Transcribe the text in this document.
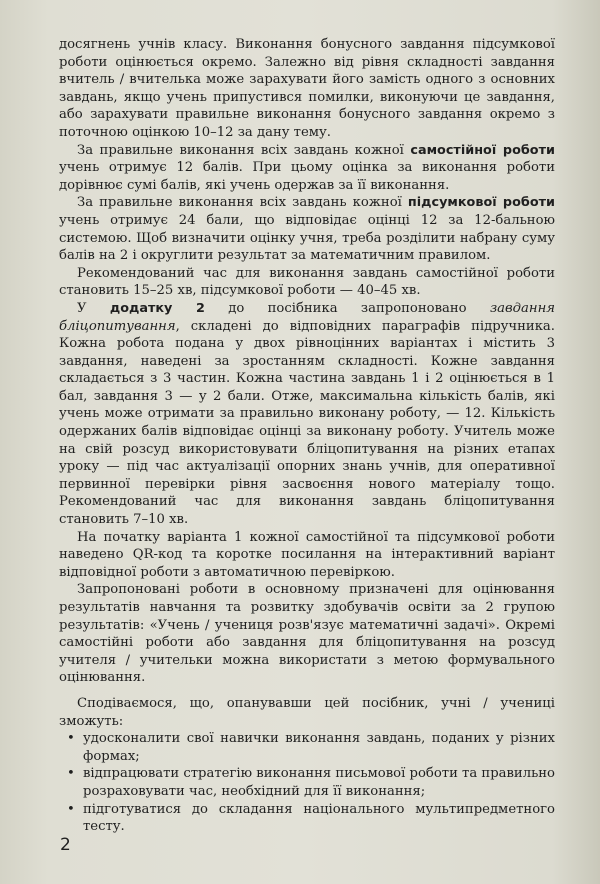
досягнень учнів класу. Виконання бонусного завдання підсумкової роботи оцінюється окремо. Залежно від рівня складності завдання вчитель / вчителька може зарахувати його замість одного з основних завдань, якщо учень припустився помилки, виконуючи це завдання, або зарахувати правильне виконання бонусного завдання окремо з поточною оцінкою 10–12 за дану тему.

За правильне виконання всіх завдань кожної самостійної роботи учень отримує 12 балів. При цьому оцінка за виконання роботи дорівнює сумі балів, які учень одержав за її виконання.

За правильне виконання всіх завдань кожної підсумкової роботи учень отримує 24 бали, що відповідає оцінці 12 за 12-бальною системою. Щоб визначити оцінку учня, треба розділити набрану суму балів на 2 і округлити результат за математичним правилом.

Рекомендований час для виконання завдань самостійної роботи становить 15–25 хв, підсумкової роботи — 40–45 хв.

У додатку 2 до посібника запропоновано завдання бліцопитування, складені до відповідних параграфів підручника. Кожна робота подана у двох рівноцінних варіантах і містить 3 завдання, наведені за зростанням складності. Кожне завдання складається з 3 частин. Кожна частина завдань 1 і 2 оцінюється в 1 бал, завдання 3 — у 2 бали. Отже, максимальна кількість балів, які учень може отримати за правильно виконану роботу, — 12. Кількість одержаних балів відповідає оцінці за виконану роботу. Учитель може на свій розсуд використовувати бліцопитування на різних етапах уроку — під час актуалізації опорних знань учнів, для оперативної первинної перевірки рівня засвоєння нового матеріалу тощо. Рекомендований час для виконання завдань бліцопитування становить 7–10 хв.

На початку варіанта 1 кожної самостійної та підсумкової роботи наведено QR-код та коротке посилання на інтерактивний варіант відповідної роботи з автоматичною перевіркою.

Запропоновані роботи в основному призначені для оцінювання результатів навчання та розвитку здобувачів освіти за 2 групою результатів: «Учень / учениця розв'язує математичні задачі». Окремі самостійні роботи або завдання для бліцопитування на розсуд учителя / учительки можна використати з метою формувального оцінювання.

Сподіваємося, що, опанувавши цей посібник, учні / учениці зможуть:

• удосконалити свої навички виконання завдань, поданих у різних формах;
• відпрацювати стратегію виконання письмової роботи та правильно розраховувати час, необхідний для її виконання;
• підготуватися до складання національного мультипредметного тесту.
2
